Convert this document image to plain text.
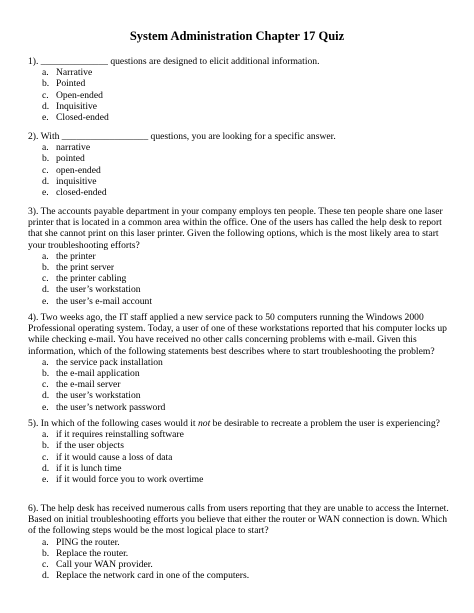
System Administration Chapter 17 Quiz
1). ______________ questions are designed to elicit additional information.
a. Narrative
b. Pointed
c. Open-ended
d. Inquisitive
e. Closed-ended
2). With __________________ questions, you are looking for a specific answer.
a. narrative
b. pointed
c. open-ended
d. inquisitive
e. closed-ended
3). The accounts payable department in your company employs ten people. These ten people share one laser printer that is located in a common area within the office. One of the users has called the help desk to report that she cannot print on this laser printer. Given the following options, which is the most likely area to start your troubleshooting efforts?
a. the printer
b. the print server
c. the printer cabling
d. the user’s workstation
e. the user’s e-mail account
4). Two weeks ago, the IT staff applied a new service pack to 50 computers running the Windows 2000 Professional operating system. Today, a user of one of these workstations reported that his computer locks up while checking e-mail. You have received no other calls concerning problems with e-mail. Given this information, which of the following statements best describes where to start troubleshooting the problem?
a. the service pack installation
b. the e-mail application
c. the e-mail server
d. the user’s workstation
e. the user’s network password
5). In which of the following cases would it not be desirable to recreate a problem the user is experiencing?
a. if it requires reinstalling software
b. if the user objects
c. if it would cause a loss of data
d. if it is lunch time
e. if it would force you to work overtime
6). The help desk has received numerous calls from users reporting that they are unable to access the Internet. Based on initial troubleshooting efforts you believe that either the router or WAN connection is down. Which of the following steps would be the most logical place to start?
a. PING the router.
b. Replace the router.
c. Call your WAN provider.
d. Replace the network card in one of the computers.
